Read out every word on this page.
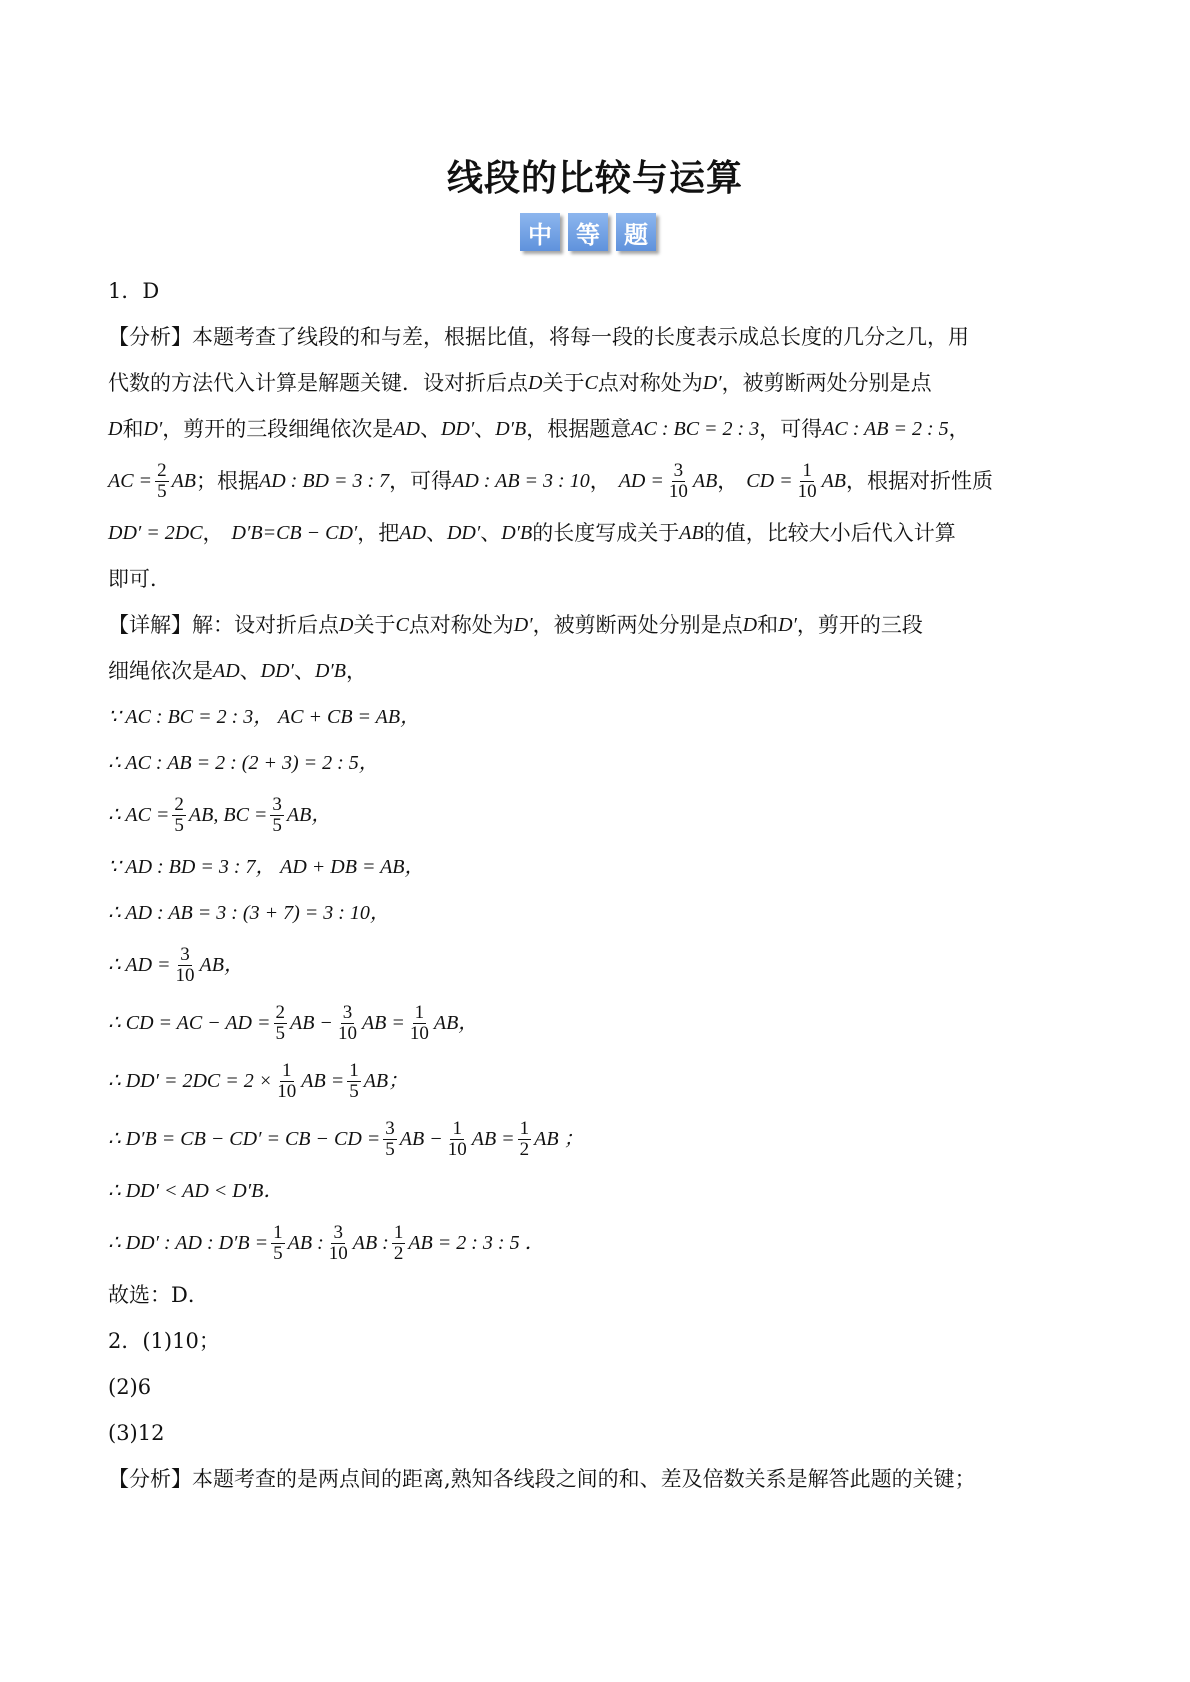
线段的比较与运算
中	等	题
1．D
【分析】本题考查了线段的和与差，根据比值，将每一段的长度表示成总长度的几分之几，用
代数的方法代入计算是解题关键．设对折后点 D 关于 C 点对称处为 D′ ，被剪断两处分别是点
D 和 D′ ，剪开的三段细绳依次是 AD 、 DD′ 、 D′B ，根据题意 AC : BC = 2 : 3 ，可得 AC : AB = 2 : 5 ，
AC = $\frac{2}{5}$ AB ；根据 AD : BD = 3 : 7 ，可得 AD : AB = 3 : 10 ， AD = $\frac{3}{10}$ AB ， CD = $\frac{1}{10}$ AB ，根据对折性质
DD′ = 2DC ， D′B=CB − CD′ ，把 AD 、 DD′ 、 D′B 的长度写成关于 AB 的值，比较大小后代入计算
即可．
【详解】解：设对折后点 D 关于 C 点对称处为 D′ ，被剪断两处分别是点 D 和 D′ ，剪开的三段
细绳依次是 AD 、 DD′ 、 D′B ，
∵ AC : BC = 2 : 3， AC + CB = AB，
∴ AC : AB = 2 : (2 + 3) = 2 : 5，
∴ AC = $\frac{2}{5}$ AB, BC = $\frac{3}{5}$ AB，
∵ AD : BD = 3 : 7， AD + DB = AB，
∴ AD : AB = 3 : (3 + 7) = 3 : 10，
∴ AD = $\frac{3}{10}$ AB，
∴ CD = AC − AD = $\frac{2}{5}$ AB − $\frac{3}{10}$ AB = $\frac{1}{10}$ AB，
∴ $DD' = 2DC = 2 \times \frac{1}{10}$ AB = $\frac{1}{5}$ AB；
∴ D′B = CB − CD′ = CB − CD = $\frac{3}{5}$ AB − $\frac{1}{10}$ AB = $\frac{1}{2}$ AB ；
∴ DD′ < AD < D′B．
∴ DD′ : AD : $D'B = \frac{1}{5}$ AB : $\frac{3}{10}$ AB : $\frac{1}{2}$ AB = 2 : 3 : 5 ．
故选：D．
2．(1)10；
(2)6
(3)12
【分析】本题考查的是两点间的距离,熟知各线段之间的和、差及倍数关系是解答此题的关键；
